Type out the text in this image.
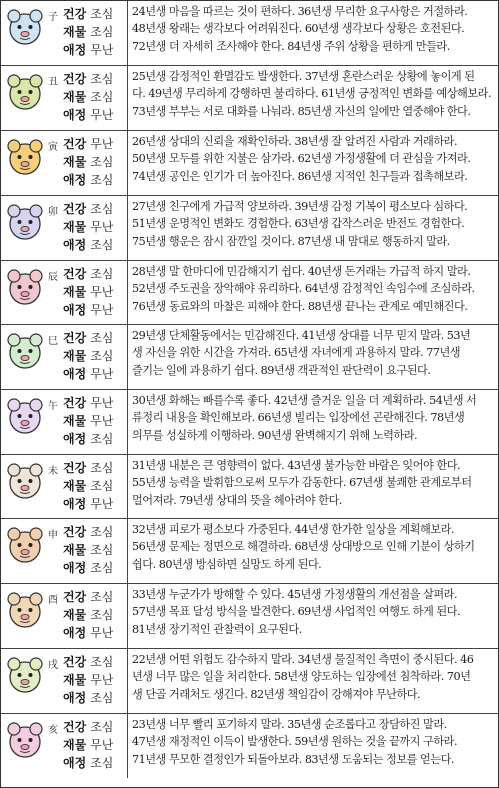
子 건강 조심
재물 조심
애정 무난
24년생 마음을 따르는 것이 편하다. 36년생 무리한 요구사항은 거절하라.
48년생 왕래는 생각보다 어려워진다. 60년생 생각보다 상황은 호전된다.
72년생 더 자세히 조사해야 한다. 84년생 주위 상황을 편하게 만들라.
丑 건강 조심
재물 조심
애정 무난
25년생 감정적인 환멸감도 발생한다. 37년생 혼란스러운 상황에 놓이게 된
다. 49년생 무리하게 강행하면 불리하다. 61년생 긍정적인 변화를 예상해보라.
73년생 부부는 서로 대화를 나눠라. 85년생 자신의 일에만 열중해야 한다.
寅 건강 무난
재물 조심
애정 조심
26년생 상대의 신뢰을 재확인하라. 38년생 잘 알려진 사람과 거래하라.
50년생 모두를 위한 지불은 삼가라. 62년생 가정생활에 더 관심을 가져라.
74년생 공인은 인기가 더 높아진다. 86년생 지적인 친구들과 접촉해보라.
卯 건강 조심
재물 무난
애정 조심
27년생 친구에게 가급적 양보하라. 39년생 감정 기복이 평소보다 심하다.
51년생 운명적인 변화도 경험한다. 63년생 갑작스러운 반전도 경험한다.
75년생 행운은 잠시 잠깐일 것이다. 87년생 내 맘대로 행동하지 말라.
辰 건강 조심
재물 무난
애정 무난
28년생 말 한마디에 민감해지기 쉽다. 40년생 돈거래는 가급적 하지 말라.
52년생 주도권을 장악해야 유리하다. 64년생 감정적인 속임수에 조심하라.
76년생 동료와의 마찰은 피해야 한다. 88년생 끝나는 관계로 예민해진다.
巳 건강 조심
재물 조심
애정 무난
29년생 단체활동에서는 민감해진다. 41년생 상대를 너무 믿지 말라. 53년
생 자신을 위한 시간을 가져라. 65년생 자녀에게 과용하지 말라. 77년생
즐기는 일에 과용하기 쉽다. 89년생 객관적인 판단력이 요구된다.
午 건강 무난
재물 무난
애정 조심
30년생 화해는 빠를수록 좋다. 42년생 즐거운 일을 더 계획하라. 54년생 서
류정리 내용을 확인해보라. 66년생 빌리는 입장에선 곤란해진다. 78년생
의무를 성실하게 이행하라. 90년생 완벽해지기 위해 노력하라.
未 건강 조심
재물 조심
애정 무난
31년생 내분은 큰 영향력이 없다. 43년생 불가능한 바람은 잊어야 한다.
55년생 능력을 발휘함으로써 모두가 감동한다. 67년생 불쾌한 관계로부터
멀어져라. 79년생 상대의 뜻을 헤아려야 한다.
申 건강 조심
재물 조심
애정 조심
32년생 피로가 평소보다 가중된다. 44년생 한가한 일상을 계획해보라.
56년생 문제는 정면으로 해결하라. 68년생 상대방으로 인해 기분이 상하기
쉽다. 80년생 방심하면 실망도 하게 된다.
酉 건강 조심
재물 조심
애정 무난
33년생 누군가가 방해할 수 있다. 45년생 가정생활의 개선점을 살펴라.
57년생 목표 달성 방식을 발견한다. 69년생 사업적인 여행도 하게 된다.
81년생 장기적인 관찰력이 요구된다.
戌 건강 조심
재물 무난
애정 조심
22년생 어떤 위험도 감수하지 말라. 34년생 물질적인 측면이 중시된다. 46
년생 너무 많은 일을 처리한다. 58년생 양도하는 입장에선 침착하라. 70년
생 단골 거래처도 생긴다. 82년생 책임감이 강해져야 무난하다.
亥 건강 조심
재물 무난
애정 조심
23년생 너무 빨리 포기하지 말라. 35년생 순조롭다고 장담하진 말라.
47년생 재정적인 이득이 발생한다. 59년생 원하는 것을 끝까지 구하라.
71년생 무모한 결정인가 되돌아보라. 83년생 도움되는 정보를 얻는다.
